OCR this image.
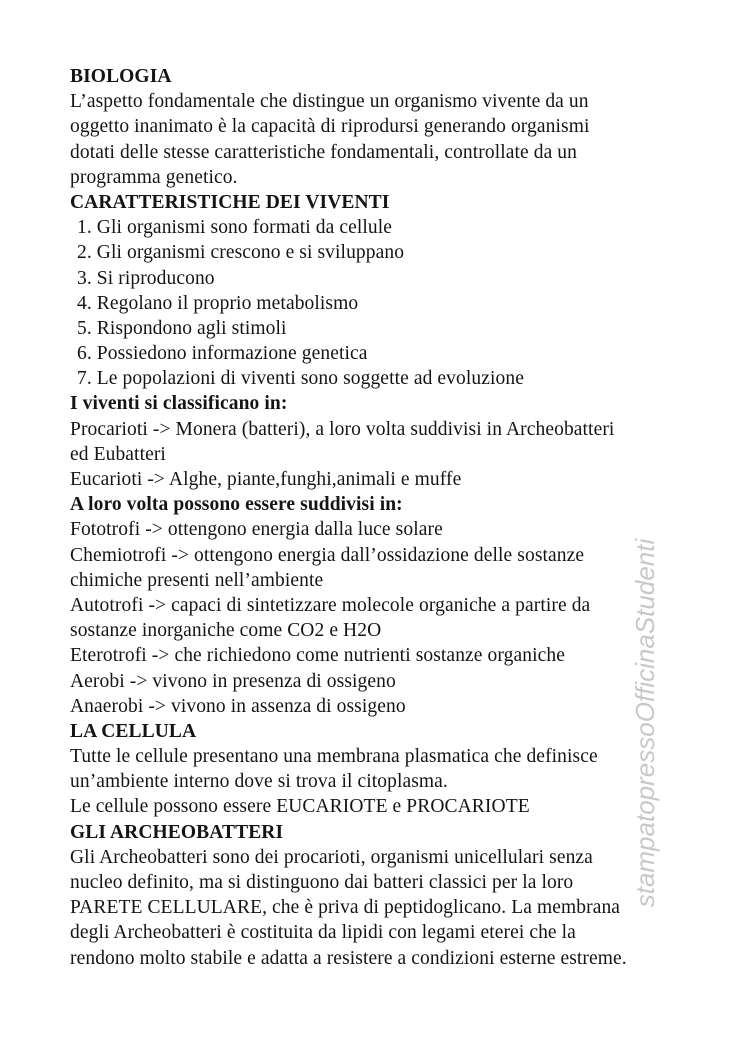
stampatopressoOfficinaStudenti
BIOLOGIA
L’aspetto fondamentale che distingue un organismo vivente da un
oggetto inanimato è la capacità di riprodursi generando organismi
dotati delle stesse caratteristiche fondamentali, controllate da un
programma genetico.
CARATTERISTICHE DEI VIVENTI
1. Gli organismi sono formati da cellule
2. Gli organismi crescono e si sviluppano
3. Si riproducono
4. Regolano il proprio metabolismo
5. Rispondono agli stimoli
6. Possiedono informazione genetica
7. Le popolazioni di viventi sono soggette ad evoluzione
I viventi si classificano in:
Procarioti -> Monera (batteri), a loro volta suddivisi in Archeobatteri
ed Eubatteri
Eucarioti -> Alghe, piante,funghi,animali e muffe
A loro volta possono essere suddivisi in:
Fototrofi -> ottengono energia dalla luce solare
Chemiotrofi -> ottengono energia dall’ossidazione delle sostanze
chimiche presenti nell’ambiente
Autotrofi -> capaci di sintetizzare molecole organiche a partire da
sostanze inorganiche come CO2 e H2O
Eterotrofi -> che richiedono come nutrienti sostanze organiche
Aerobi -> vivono in presenza di ossigeno
Anaerobi -> vivono in assenza di ossigeno
LA CELLULA
Tutte le cellule presentano una membrana plasmatica che definisce
un’ambiente interno dove si trova il citoplasma.
Le cellule possono essere EUCARIOTE e PROCARIOTE
GLI ARCHEOBATTERI
Gli Archeobatteri sono dei procarioti, organismi unicellulari senza
nucleo definito, ma si distinguono dai batteri classici per la loro
PARETE CELLULARE, che è priva di peptidoglicano. La membrana
degli Archeobatteri è costituita da lipidi con legami eterei che la
rendono molto stabile e adatta a resistere a condizioni esterne estreme.
